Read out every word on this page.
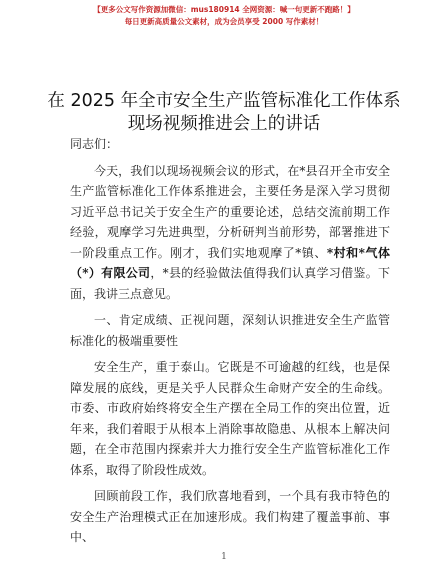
【更多公文写作资源加微信：mus180914 全网资源：喊一句更新不跑路！】
每日更新高质量公文素材，成为会员享受 2000 写作素材！
在 2025 年全市安全生产监管标准化工作体系现场视频推进会上的讲话

同志们：

今天，我们以现场视频会议的形式，在*县召开全市安全生产监管标准化工作体系推进会，主要任务是深入学习贯彻习近平总书记关于安全生产的重要论述，总结交流前期工作经验，观摩学习先进典型，分析研判当前形势，部署推进下一阶段重点工作。刚才，我们实地观摩了*镇、*村和*气体（*）有限公司，*县的经验做法值得我们认真学习借鉴。下面，我讲三点意见。

一、肯定成绩、正视问题，深刻认识推进安全生产监管标准化的极端重要性

安全生产，重于泰山。它既是不可逾越的红线，也是保障发展的底线，更是关乎人民群众生命财产安全的生命线。市委、市政府始终将安全生产摆在全局工作的突出位置，近年来，我们着眼于从根本上消除事故隐患、从根本上解决问题，在全市范围内探索并大力推行安全生产监管标准化工作体系，取得了阶段性成效。

回顾前段工作，我们欣喜地看到，一个具有我市特色的安全生产治理模式正在加速形成。我们构建了覆盖事前、事中、

1
